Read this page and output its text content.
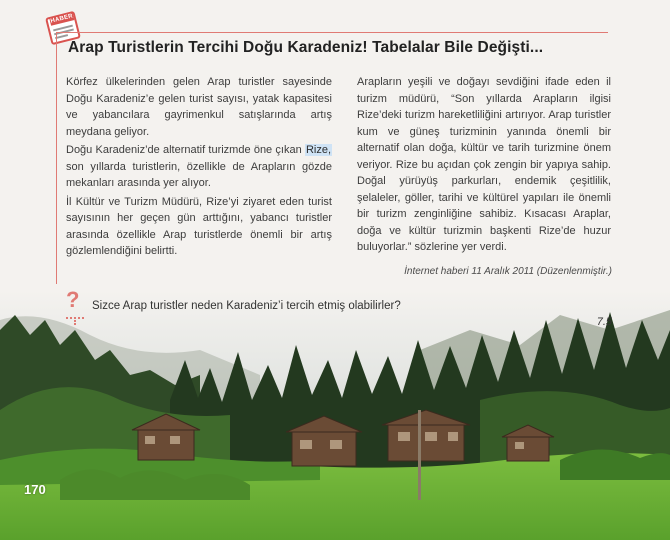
HABER
Arap Turistlerin Tercihi Doğu Karadeniz! Tabelalar Bile Değişti...

Körfez ülkelerinden gelen Arap turistler sayesinde Doğu Karadeniz’e gelen turist sayısı, yatak kapasitesi ve yabancılara gayrimenkul satışlarında artış meydana geliyor.

Doğu Karadeniz’de alternatif turizmde öne çıkan Rize, son yıllarda turistlerin, özellikle de Arapların gözde mekanları arasında yer alıyor.

İl Kültür ve Turizm Müdürü, Rize’yi ziyaret eden turist sayısının her geçen gün arttığını, yabancı turistler arasında özellikle Arap turistlerde önemli bir artış gözlemlendiğini belirtti.

Arapların yeşili ve doğayı sevdiğini ifade eden il turizm müdürü, “Son yıllarda Arapların ilgisi Rize’deki turizm hareketliliğini artırıyor. Arap turistler kum ve güneş turizminin yanında önemli bir alternatif olan doğa, kültür ve tarih turizmine önem veriyor. Rize bu açıdan çok zengin bir yapıya sahip. Doğal yürüyüş parkurları, endemik çeşitlilik, şelaleler, göller, tarihi ve kültürel yapıları ile önemli bir turizm zenginliğine sahibiz. Kısacası Araplar, doğa ve kültür turizmin başkenti Rize’de huzur buluyorlar.” sözlerine yer verdi.

İnternet haberi 11 Aralık 2011 (Düzenlenmiştir.)
?	Sizce Arap turistler neden Karadeniz’i tercih etmiş olabilirler?
7.5
170
